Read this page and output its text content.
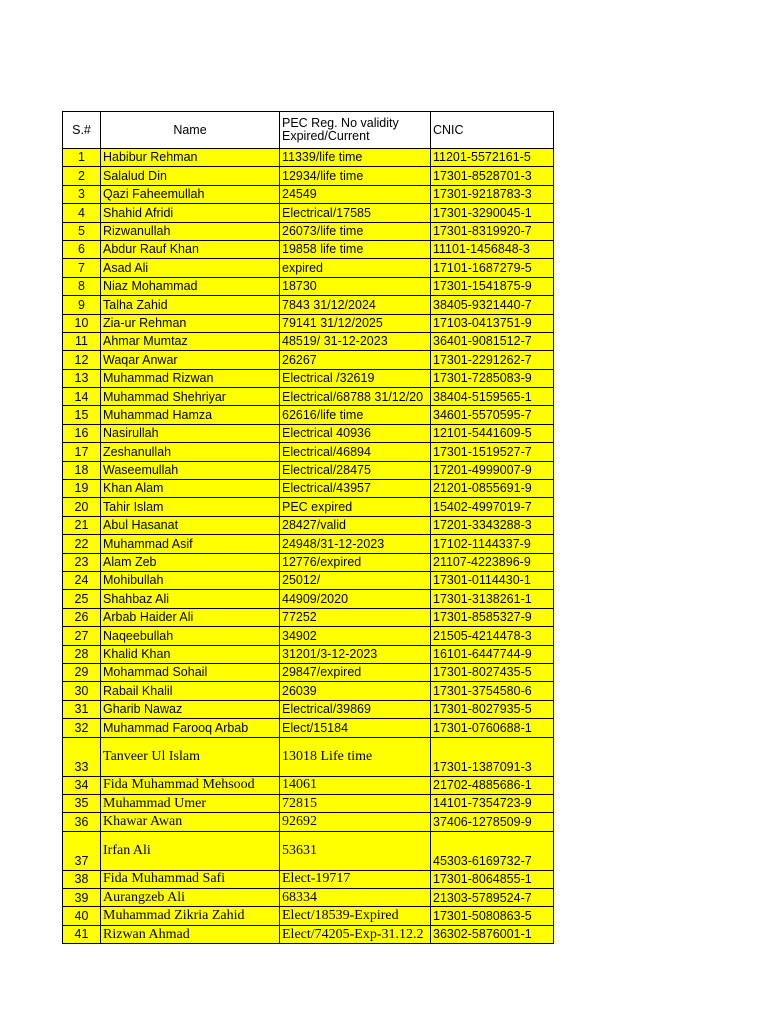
S.#	Name	PEC Reg. No validity Expired/Current	CNIC
1	Habibur Rehman	11339/life time	11201-5572161-5
2	Salalud Din	12934/life time	17301-8528701-3
3	Qazi Faheemullah	24549	17301-9218783-3
4	Shahid Afridi	Electrical/17585	17301-3290045-1
5	Rizwanullah	26073/life time	17301-8319920-7
6	Abdur Rauf Khan	19858 life time	11101-1456848-3
7	Asad Ali	expired	17101-1687279-5
8	Niaz Mohammad	18730	17301-1541875-9
9	Talha Zahid	7843 31/12/2024	38405-9321440-7
10	Zia-ur Rehman	79141 31/12/2025	17103-0413751-9
11	Ahmar Mumtaz	48519/ 31-12-2023	36401-9081512-7
12	Waqar Anwar	26267	17301-2291262-7
13	Muhammad Rizwan	Electrical /32619	17301-7285083-9
14	Muhammad Shehriyar	Electrical/68788 31/12/20	38404-5159565-1
15	Muhammad Hamza	62616/life time	34601-5570595-7
16	Nasirullah	Electrical 40936	12101-5441609-5
17	Zeshanullah	Electrical/46894	17301-1519527-7
18	Waseemullah	Electrical/28475	17201-4999007-9
19	Khan Alam	Electrical/43957	21201-0855691-9
20	Tahir Islam	PEC expired	15402-4997019-7
21	Abul Hasanat	28427/valid	17201-3343288-3
22	Muhammad Asif	24948/31-12-2023	17102-1144337-9
23	Alam Zeb	12776/expired	21107-4223896-9
24	Mohibullah	25012/	17301-0114430-1
25	Shahbaz Ali	44909/2020	17301-3138261-1
26	Arbab Haider Ali	77252	17301-8585327-9
27	Naqeebullah	34902	21505-4214478-3
28	Khalid Khan	31201/3-12-2023	16101-6447744-9
29	Mohammad Sohail	29847/expired	17301-8027435-5
30	Rabail Khalil	26039	17301-3754580-6
31	Gharib Nawaz	Electrical/39869	17301-8027935-5
32	Muhammad Farooq Arbab	Elect/15184	17301-0760688-1
33	Tanveer Ul Islam	13018 Life time	17301-1387091-3
34	Fida Muhammad Mehsood	14061	21702-4885686-1
35	Muhammad Umer	72815	14101-7354723-9
36	Khawar Awan	92692	37406-1278509-9
37	Irfan Ali	53631	45303-6169732-7
38	Fida Muhammad Safi	Elect-19717	17301-8064855-1
39	Aurangzeb Ali	68334	21303-5789524-7
40	Muhammad Zikria Zahid	Elect/18539-Expired	17301-5080863-5
41	Rizwan Ahmad	Elect/74205-Exp-31.12.2	36302-5876001-1
